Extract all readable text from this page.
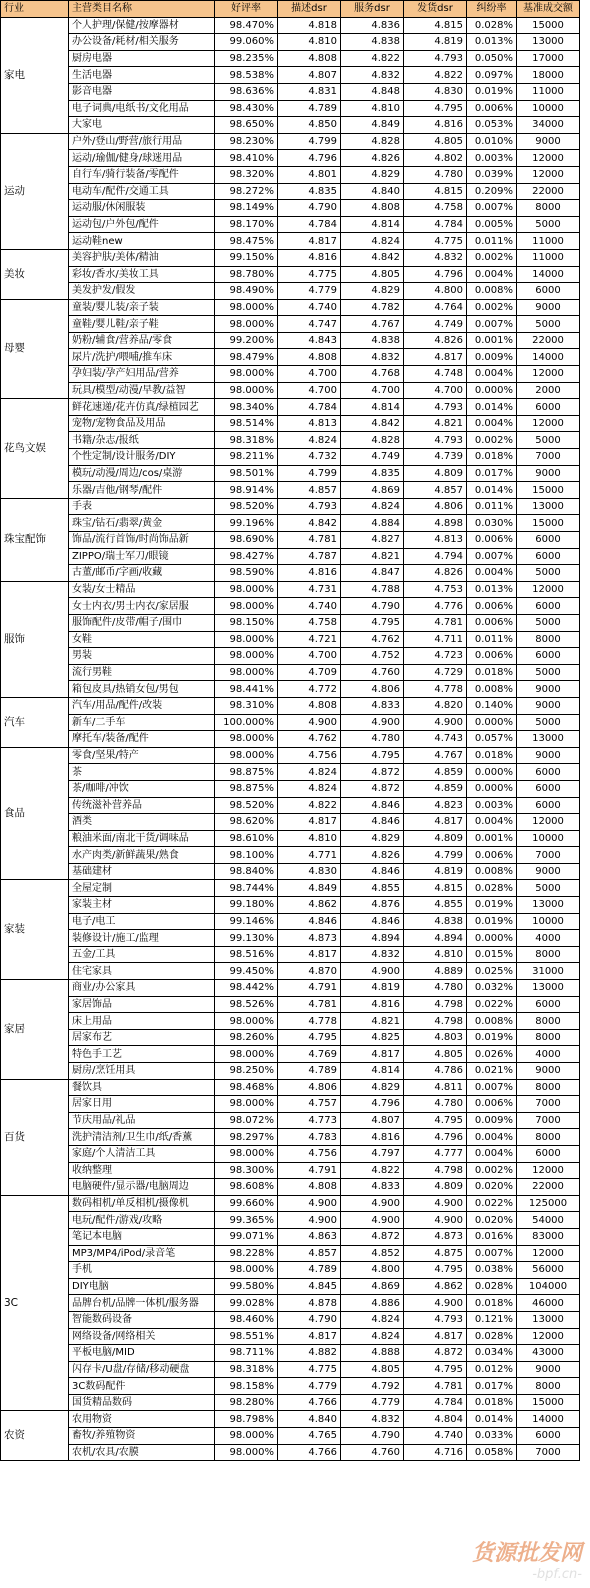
行业	主营类目名称	好评率	描述dsr	服务dsr	发货dsr	纠纷率	基准成交额
家电	个人护理/保健/按摩器材	98.470%	4.818	4.836	4.815	0.028%	15000
	办公设备/耗材/相关服务	99.060%	4.810	4.838	4.819	0.013%	13000
	厨房电器	98.235%	4.808	4.822	4.793	0.050%	17000
	生活电器	98.538%	4.807	4.832	4.822	0.097%	18000
	影音电器	98.636%	4.831	4.848	4.830	0.019%	11000
	电子词典/电纸书/文化用品	98.430%	4.789	4.810	4.795	0.006%	10000
	大家电	98.650%	4.850	4.849	4.816	0.053%	34000
运动	户外/登山/野营/旅行用品	98.230%	4.799	4.828	4.805	0.010%	9000
	运动/瑜伽/健身/球迷用品	98.410%	4.796	4.826	4.802	0.003%	12000
	自行车/骑行装备/零配件	98.320%	4.801	4.829	4.780	0.039%	12000
	电动车/配件/交通工具	98.272%	4.835	4.840	4.815	0.209%	22000
	运动服/休闲服装	98.149%	4.790	4.808	4.758	0.007%	8000
	运动包/户外包/配件	98.170%	4.784	4.814	4.784	0.005%	5000
	运动鞋new	98.475%	4.817	4.824	4.775	0.011%	11000
美妆	美容护肤/美体/精油	99.150%	4.816	4.842	4.832	0.002%	11000
	彩妆/香水/美妆工具	98.780%	4.775	4.805	4.796	0.004%	14000
	美发护发/假发	98.490%	4.779	4.829	4.800	0.008%	6000
母婴	童装/婴儿装/亲子装	98.000%	4.740	4.782	4.764	0.002%	9000
	童鞋/婴儿鞋/亲子鞋	98.000%	4.747	4.767	4.749	0.007%	5000
	奶粉/辅食/营养品/零食	99.200%	4.843	4.838	4.826	0.001%	22000
	尿片/洗护/喂哺/推车床	98.479%	4.808	4.832	4.817	0.009%	14000
	孕妇装/孕产妇用品/营养	98.000%	4.700	4.768	4.748	0.004%	12000
	玩具/模型/动漫/早教/益智	98.000%	4.700	4.700	4.700	0.000%	2000
花鸟文娱	鲜花速递/花卉仿真/绿植园艺	98.340%	4.784	4.814	4.793	0.014%	6000
	宠物/宠物食品及用品	98.514%	4.813	4.842	4.821	0.004%	12000
	书籍/杂志/报纸	98.318%	4.824	4.828	4.793	0.002%	5000
	个性定制/设计服务/DIY	98.211%	4.732	4.749	4.739	0.018%	7000
	模玩/动漫/周边/cos/桌游	98.501%	4.799	4.835	4.809	0.017%	9000
	乐器/吉他/钢琴/配件	98.914%	4.857	4.869	4.857	0.014%	15000
珠宝配饰	手表	98.520%	4.793	4.824	4.806	0.011%	13000
	珠宝/钻石/翡翠/黄金	99.196%	4.842	4.884	4.898	0.030%	15000
	饰品/流行首饰/时尚饰品新	98.690%	4.781	4.827	4.813	0.006%	6000
	ZIPPO/瑞士军刀/眼镜	98.427%	4.787	4.821	4.794	0.007%	6000
	古董/邮币/字画/收藏	98.590%	4.816	4.847	4.826	0.004%	5000
服饰	女装/女士精品	98.000%	4.731	4.788	4.753	0.013%	12000
	女士内衣/男士内衣/家居服	98.000%	4.740	4.790	4.776	0.006%	6000
	服饰配件/皮带/帽子/围巾	98.150%	4.758	4.795	4.781	0.006%	5000
	女鞋	98.000%	4.721	4.762	4.711	0.011%	8000
	男装	98.000%	4.700	4.752	4.723	0.006%	6000
	流行男鞋	98.000%	4.709	4.760	4.729	0.018%	5000
	箱包皮具/热销女包/男包	98.441%	4.772	4.806	4.778	0.008%	9000
汽车	汽车/用品/配件/改装	98.310%	4.808	4.833	4.820	0.140%	9000
	新车/二手车	100.000%	4.900	4.900	4.900	0.000%	5000
	摩托车/装备/配件	98.000%	4.762	4.780	4.743	0.057%	13000
食品	零食/坚果/特产	98.000%	4.756	4.795	4.767	0.018%	9000
	茶	98.875%	4.824	4.872	4.859	0.000%	6000
	茶/咖啡/冲饮	98.875%	4.824	4.872	4.859	0.000%	6000
	传统滋补营养品	98.520%	4.822	4.846	4.823	0.003%	6000
	酒类	98.620%	4.817	4.846	4.817	0.004%	12000
	粮油米面/南北干货/调味品	98.610%	4.810	4.829	4.809	0.001%	10000
	水产肉类/新鲜蔬果/熟食	98.100%	4.771	4.826	4.799	0.006%	7000
	基础建材	98.840%	4.830	4.846	4.819	0.008%	9000
家装	全屋定制	98.744%	4.849	4.855	4.815	0.028%	5000
	家装主材	99.180%	4.862	4.876	4.855	0.019%	13000
	电子/电工	99.146%	4.846	4.846	4.838	0.019%	10000
	装修设计/施工/监理	99.130%	4.873	4.894	4.894	0.000%	4000
	五金/工具	98.516%	4.817	4.832	4.810	0.015%	8000
	住宅家具	99.450%	4.870	4.900	4.889	0.025%	31000
家居	商业/办公家具	98.442%	4.791	4.819	4.780	0.032%	13000
	家居饰品	98.526%	4.781	4.816	4.798	0.022%	6000
	床上用品	98.000%	4.778	4.821	4.798	0.008%	8000
	居家布艺	98.260%	4.795	4.825	4.803	0.019%	8000
	特色手工艺	98.000%	4.769	4.817	4.805	0.026%	4000
	厨房/烹饪用具	98.250%	4.789	4.814	4.786	0.021%	9000
百货	餐饮具	98.468%	4.806	4.829	4.811	0.007%	8000
	居家日用	98.000%	4.757	4.796	4.780	0.006%	7000
	节庆用品/礼品	98.072%	4.773	4.807	4.795	0.009%	7000
	洗护清洁剂/卫生巾/纸/香薰	98.297%	4.783	4.816	4.796	0.004%	8000
	家庭/个人清洁工具	98.000%	4.756	4.797	4.777	0.004%	6000
	收纳整理	98.300%	4.791	4.822	4.798	0.002%	12000
	电脑硬件/显示器/电脑周边	98.608%	4.808	4.833	4.809	0.020%	22000
3C	数码相机/单反相机/摄像机	99.660%	4.900	4.900	4.900	0.022%	125000
	电玩/配件/游戏/攻略	99.365%	4.900	4.900	4.900	0.020%	54000
	笔记本电脑	99.071%	4.863	4.872	4.873	0.016%	83000
	MP3/MP4/iPod/录音笔	98.228%	4.857	4.852	4.875	0.007%	12000
	手机	98.000%	4.789	4.800	4.795	0.038%	56000
	DIY电脑	99.580%	4.845	4.869	4.862	0.028%	104000
	品牌台机/品牌一体机/服务器	99.028%	4.878	4.886	4.900	0.018%	46000
	智能数码设备	98.460%	4.790	4.824	4.793	0.121%	13000
	网络设备/网络相关	98.551%	4.817	4.824	4.817	0.028%	12000
	平板电脑/MID	98.711%	4.882	4.888	4.872	0.034%	43000
	闪存卡/U盘/存储/移动硬盘	98.318%	4.775	4.805	4.795	0.012%	9000
	3C数码配件	98.158%	4.779	4.792	4.781	0.017%	8000
	国货精品数码	98.280%	4.766	4.779	4.784	0.018%	15000
农资	农用物资	98.798%	4.840	4.832	4.804	0.014%	14000
	畜牧/养殖物资	98.000%	4.765	4.790	4.740	0.033%	6000
	农机/农具/农膜	98.000%	4.766	4.760	4.716	0.058%	7000
货源批发网
-bpf.cn-
